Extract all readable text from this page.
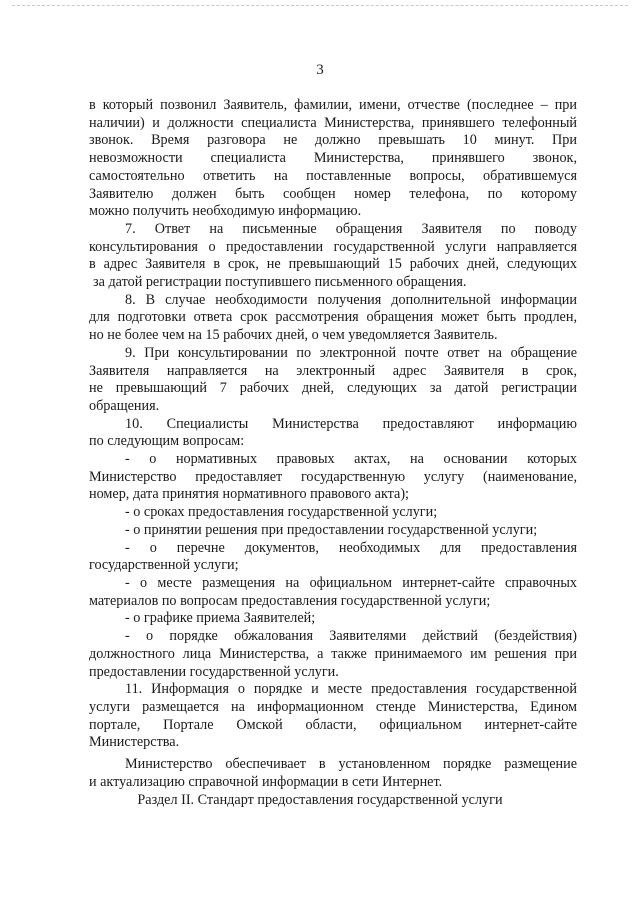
3
в который позвонил Заявитель, фамилии, имени, отчестве (последнее – при
наличии) и должности специалиста Министерства, принявшего телефонный
звонок. Время разговора не должно превышать 10 минут. При
невозможности специалиста Министерства, принявшего звонок,
самостоятельно ответить на поставленные вопросы, обратившемуся
Заявителю должен быть сообщен номер телефона, по которому
можно получить необходимую информацию.
7. Ответ на письменные обращения Заявителя по поводу
консультирования о предоставлении государственной услуги направляется
в адрес Заявителя в срок, не превышающий 15 рабочих дней, следующих
за датой регистрации поступившего письменного обращения.
8. В случае необходимости получения дополнительной информации
для подготовки ответа срок рассмотрения обращения может быть продлен,
но не более чем на 15 рабочих дней, о чем уведомляется Заявитель.
9. При консультировании по электронной почте ответ на обращение
Заявителя направляется на электронный адрес Заявителя в срок,
не превышающий 7 рабочих дней, следующих за датой регистрации
обращения.
10. Специалисты Министерства предоставляют информацию
по следующим вопросам:
- о нормативных правовых актах, на основании которых
Министерство предоставляет государственную услугу (наименование,
номер, дата принятия нормативного правового акта);
- о сроках предоставления государственной услуги;
- о принятии решения при предоставлении государственной услуги;
- о перечне документов, необходимых для предоставления
государственной услуги;
- о месте размещения на официальном интернет-сайте справочных
материалов по вопросам предоставления государственной услуги;
- о графике приема Заявителей;
- о порядке обжалования Заявителями действий (бездействия)
должностного лица Министерства, а также принимаемого им решения при
предоставлении государственной услуги.
11. Информация о порядке и месте предоставления государственной
услуги размещается на информационном стенде Министерства, Едином
портале, Портале Омской области, официальном интернет-сайте
Министерства.
Министерство обеспечивает в установленном порядке размещение
и актуализацию справочной информации в сети Интернет.
Раздел II. Стандарт предоставления государственной услуги
